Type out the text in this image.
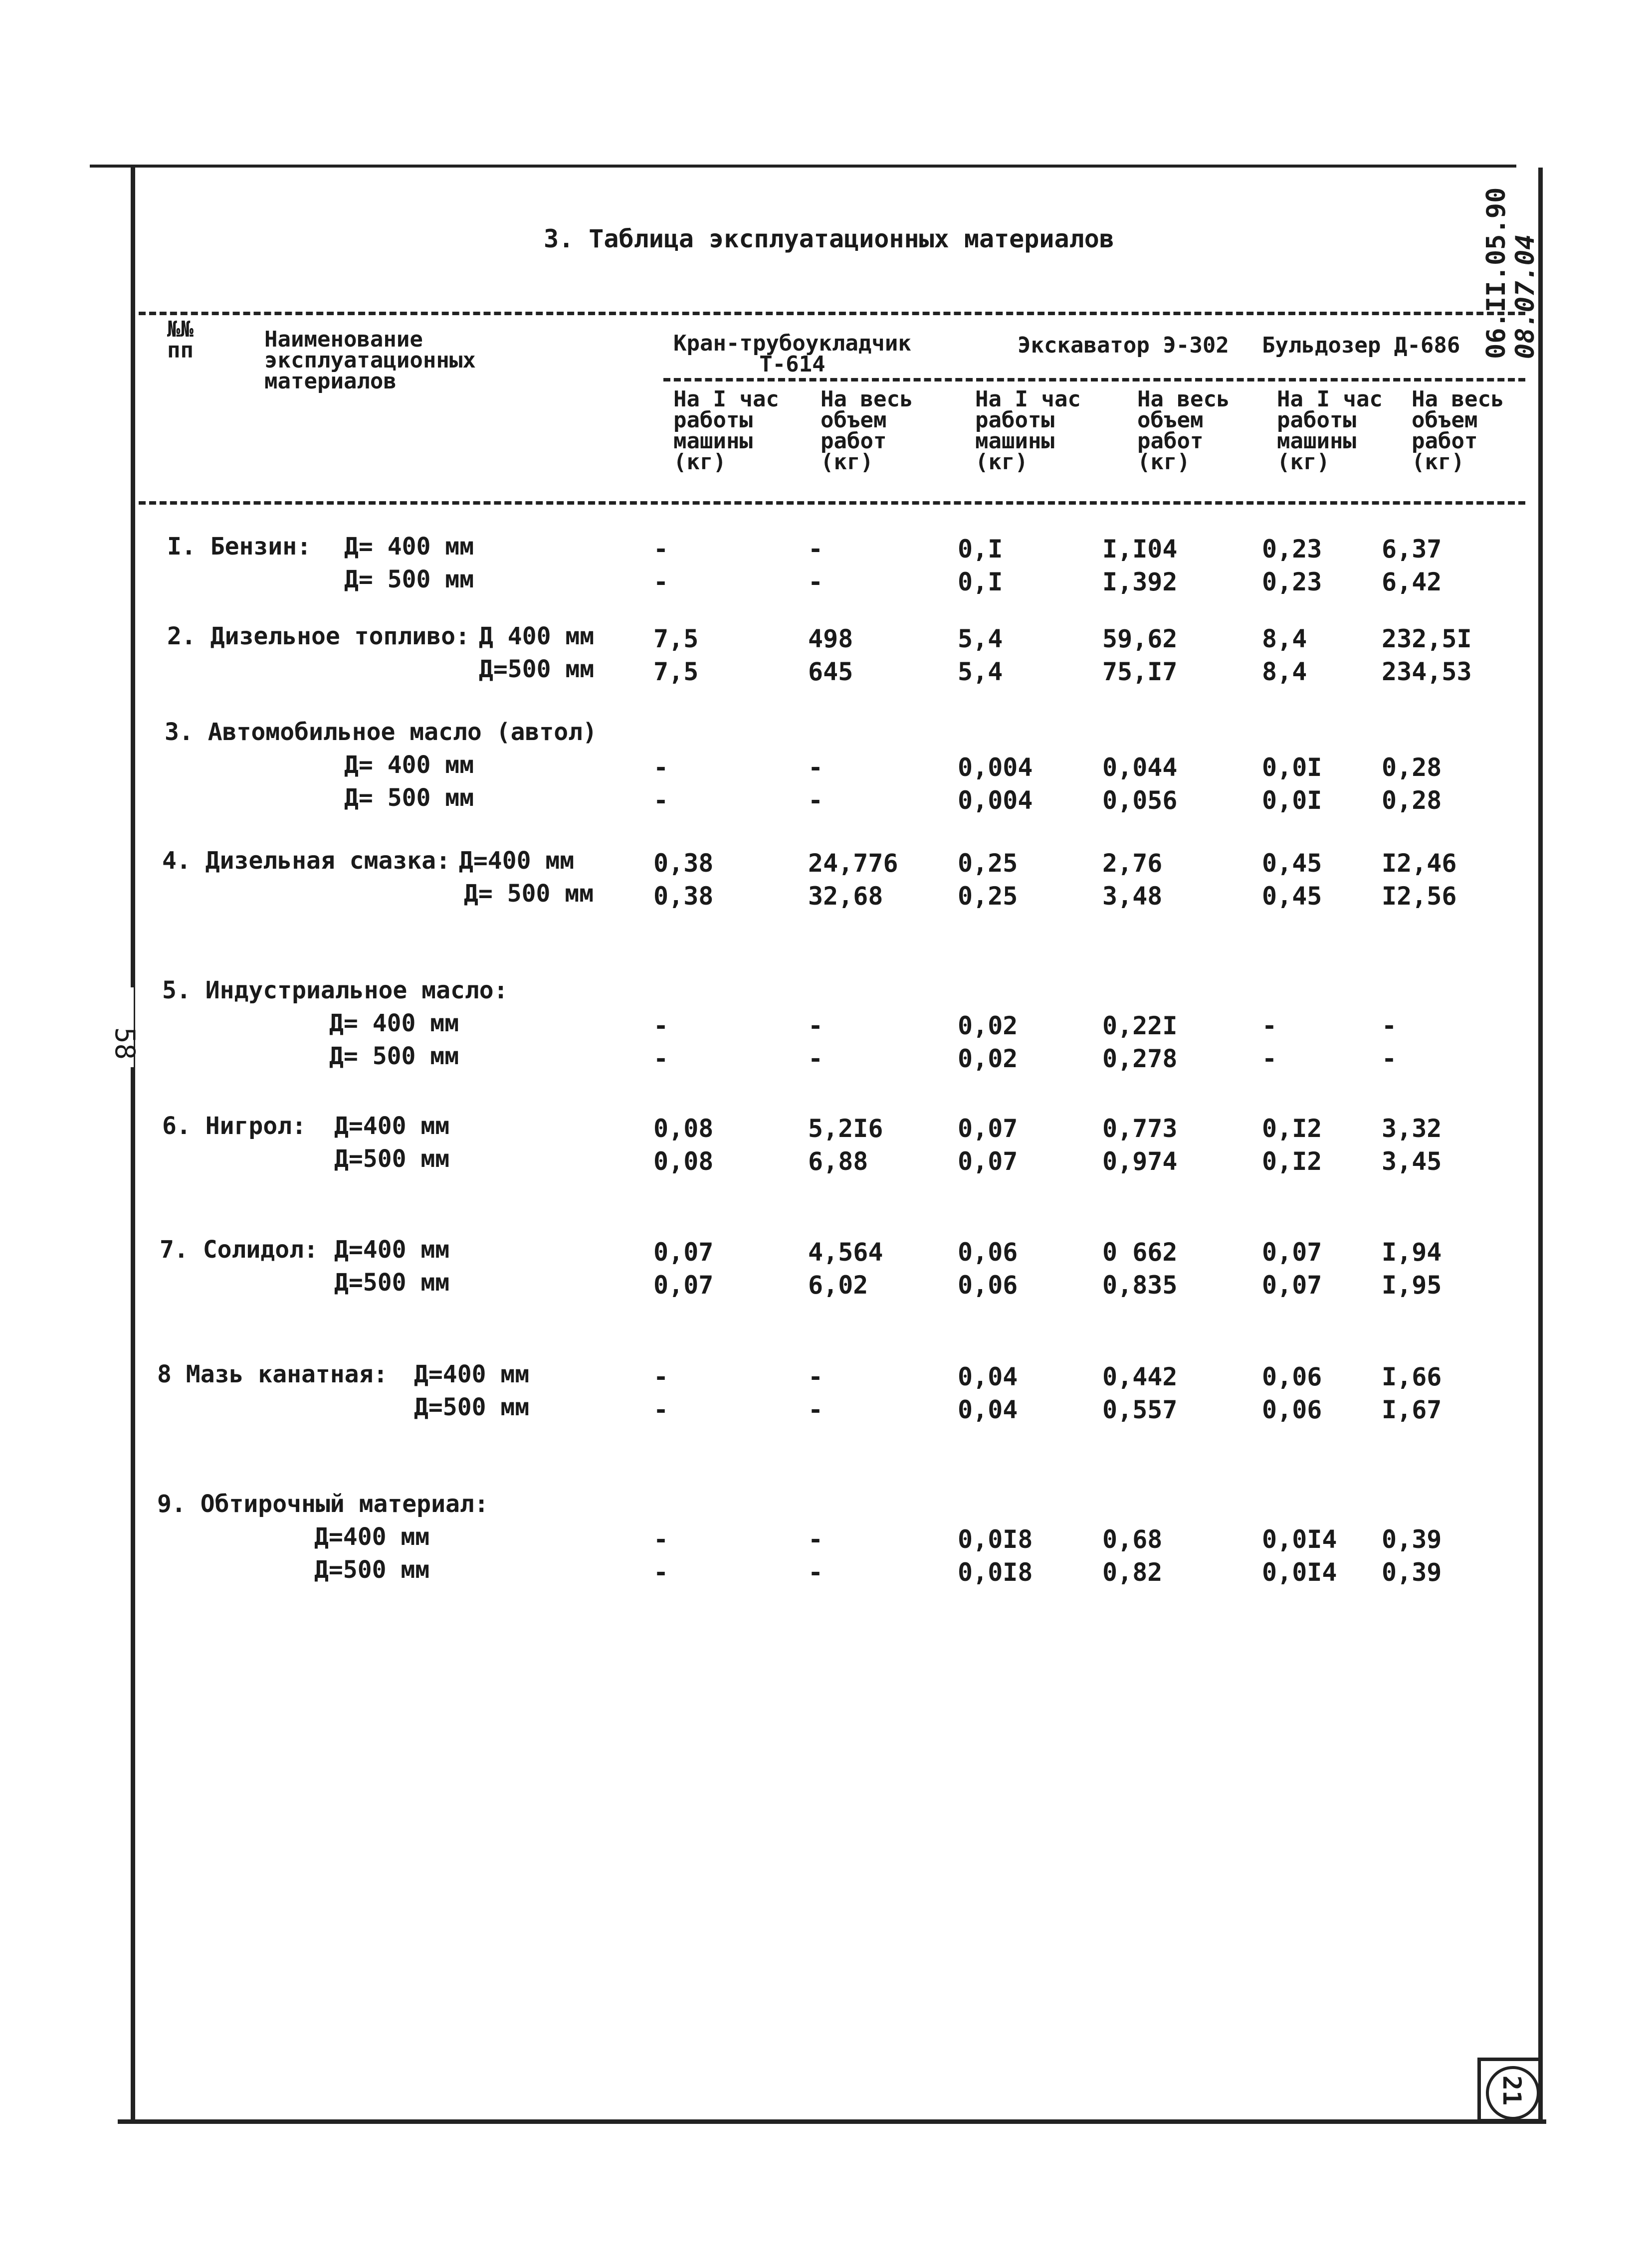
06.II.05.90
08.07.04
3. Таблица эксплуатационных материалов
№№
пп	Наименование
эксплуатационных
материалов
Кран-трубоукладчик
Т-614
Экскаватор Э-302 Бульдозер Д-686
На I час
работы
машины
(кг)
На весь
объем
работ
(кг)
На I час
работы
машины
(кг)
На весь
объем
работ
(кг)
На I час
работы
машины
(кг)
На весь
объем
работ
(кг)
I. Бензин: Д= 400 мм	-	-	0,I	I,I04	0,23 6,37
Д= 500 мм	-	-	0,I	I,392	0,23 6,42
2. Дизельное топливо: Д 400 мм 7,5	498	5,4	59,62	8,4	232,5I
Д=500 мм 7,5	645	5,4	75,I7	8,4	234,53
3. Автомобильное масло (автол)
Д= 400 мм	-	-	0,004	0,044	0,0I 0,28
Д= 500 мм	-	-	0,004	0,056	0,0I 0,28
4. Дизельная смазка: Д=400 мм	0,38	24,776 0,25	2,76	0,45 I2,46
Д= 500 мм 0,38	32,68	0,25	3,48	0,45 I2,56
5. Индустриальное масло:
Д= 400 мм	-	-	0,02	0,22I	-	-
Д= 500 мм	-	-	0,02	0,278	-	-
6. Нигрол: Д=400 мм	0,08	5,2I6	0,07	0,773	0,I2 3,32
Д=500 мм	0,08	6,88	0,07	0,974	0,I2 3,45
7. Солидол: Д=400 мм	0,07	4,564	0,06	0 662	0,07 I,94
Д=500 мм	0,07	6,02	0,06	0,835	0,07 I,95
8 Мазь канатная: Д=400 мм	-	-	0,04	0,442	0,06 I,66
Д=500 мм	-	-	0,04	0,557	0,06 I,67
9. Обтирочный материал:
Д=400 мм	-	-	0,0I8	0,68	0,0I4 0,39
Д=500 мм	-	-	0,0I8	0,82	0,0I4 0,39
58
21
